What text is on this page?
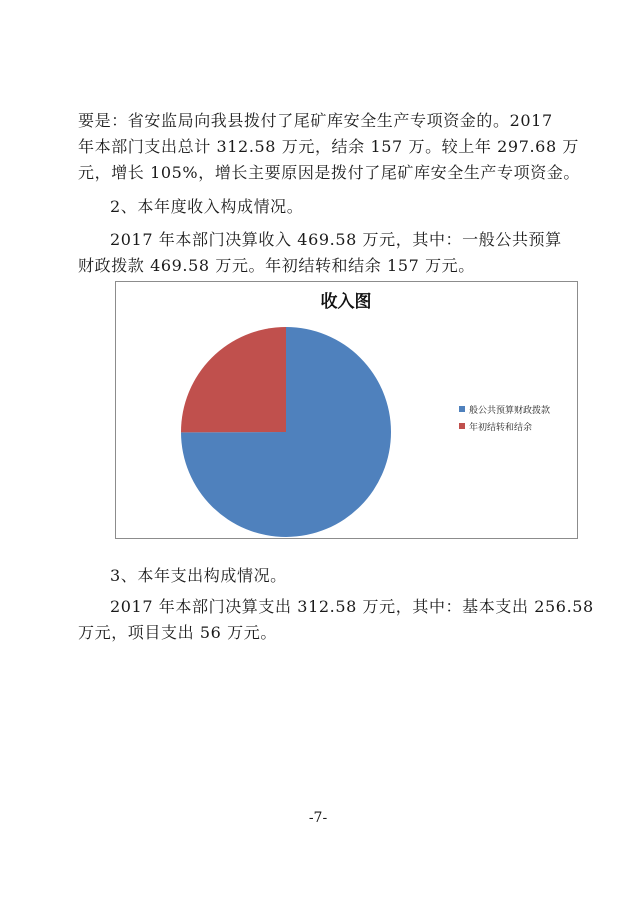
要是：省安监局向我县拨付了尾矿库安全生产专项资金的。2017
年本部门支出总计 312.58 万元，结余 157 万。较上年 297.68 万
元，增长 105%，增长主要原因是拨付了尾矿库安全生产专项资金。
2、本年度收入构成情况。
2017 年本部门决算收入 469.58 万元，其中：一般公共预算
财政拨款 469.58 万元。年初结转和结余 157 万元。
收入图
般公共预算财政拨款
年初结转和结余
3、本年支出构成情况。
2017 年本部门决算支出 312.58 万元，其中：基本支出 256.58
万元，项目支出 56 万元。
-7-
